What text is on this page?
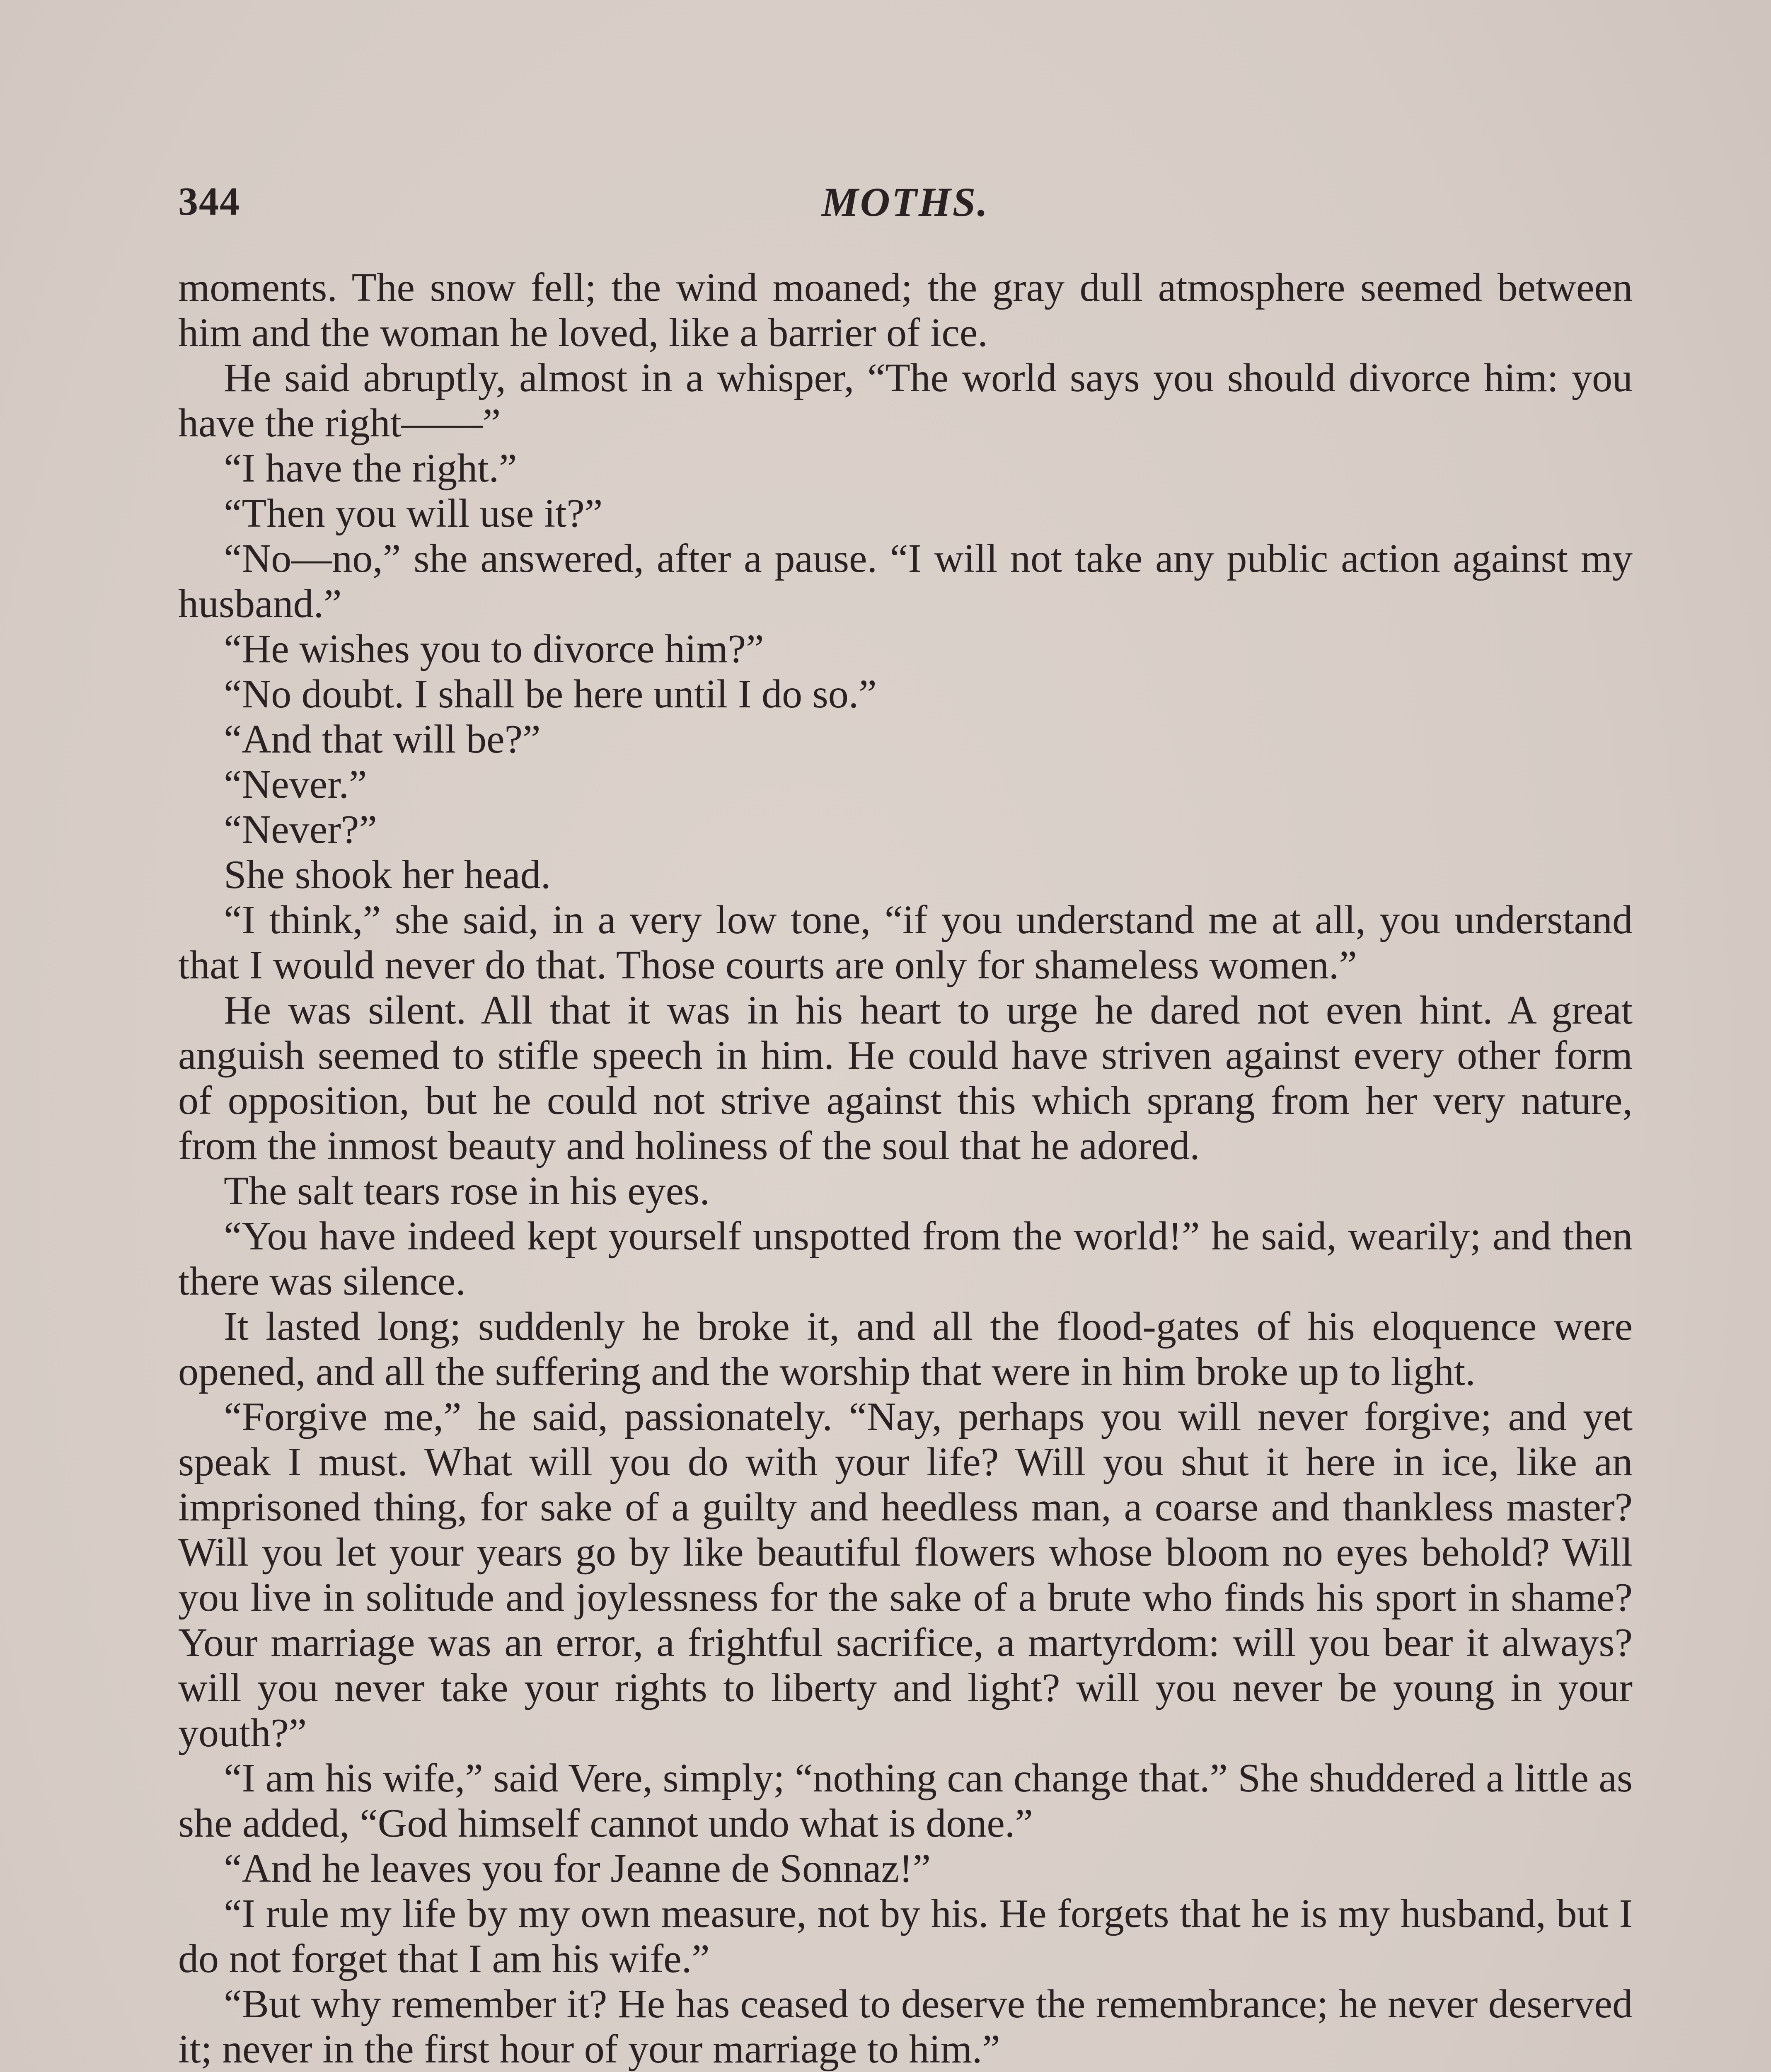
344	MOTHS.

moments. The snow fell; the wind moaned; the gray dull atmosphere seemed between him and the woman he loved, like a barrier of ice.

He said abruptly, almost in a whisper, “The world says you should divorce him: you have the right——”

“I have the right.”

“Then you will use it?”

“No—no,” she answered, after a pause. “I will not take any public action against my husband.”

“He wishes you to divorce him?”

“No doubt. I shall be here until I do so.”

“And that will be?”

“Never.”

“Never?”

She shook her head.

“I think,” she said, in a very low tone, “if you understand me at all, you understand that I would never do that. Those courts are only for shameless women.”

He was silent. All that it was in his heart to urge he dared not even hint. A great anguish seemed to stifle speech in him. He could have striven against every other form of opposition, but he could not strive against this which sprang from her very nature, from the inmost beauty and holiness of the soul that he adored.

The salt tears rose in his eyes.

“You have indeed kept yourself unspotted from the world!” he said, wearily; and then there was silence.

It lasted long; suddenly he broke it, and all the flood-gates of his eloquence were opened, and all the suffering and the worship that were in him broke up to light.

“Forgive me,” he said, passionately. “Nay, perhaps you will never forgive; and yet speak I must. What will you do with your life? Will you shut it here in ice, like an imprisoned thing, for sake of a guilty and heedless man, a coarse and thankless master? Will you let your years go by like beautiful flowers whose bloom no eyes behold? Will you live in solitude and joylessness for the sake of a brute who finds his sport in shame? Your marriage was an error, a frightful sacrifice, a martyrdom: will you bear it always? will you never take your rights to liberty and light? will you never be young in your youth?”

“I am his wife,” said Vere, simply; “nothing can change that.” She shuddered a little as she added, “God himself cannot undo what is done.”

“And he leaves you for Jeanne de Sonnaz!”

“I rule my life by my own measure, not by his. He forgets that he is my husband, but I do not forget that I am his wife.”

“But why remember it? He has ceased to deserve the remembrance; he never deserved it; never in the first hour of your marriage to him.”
